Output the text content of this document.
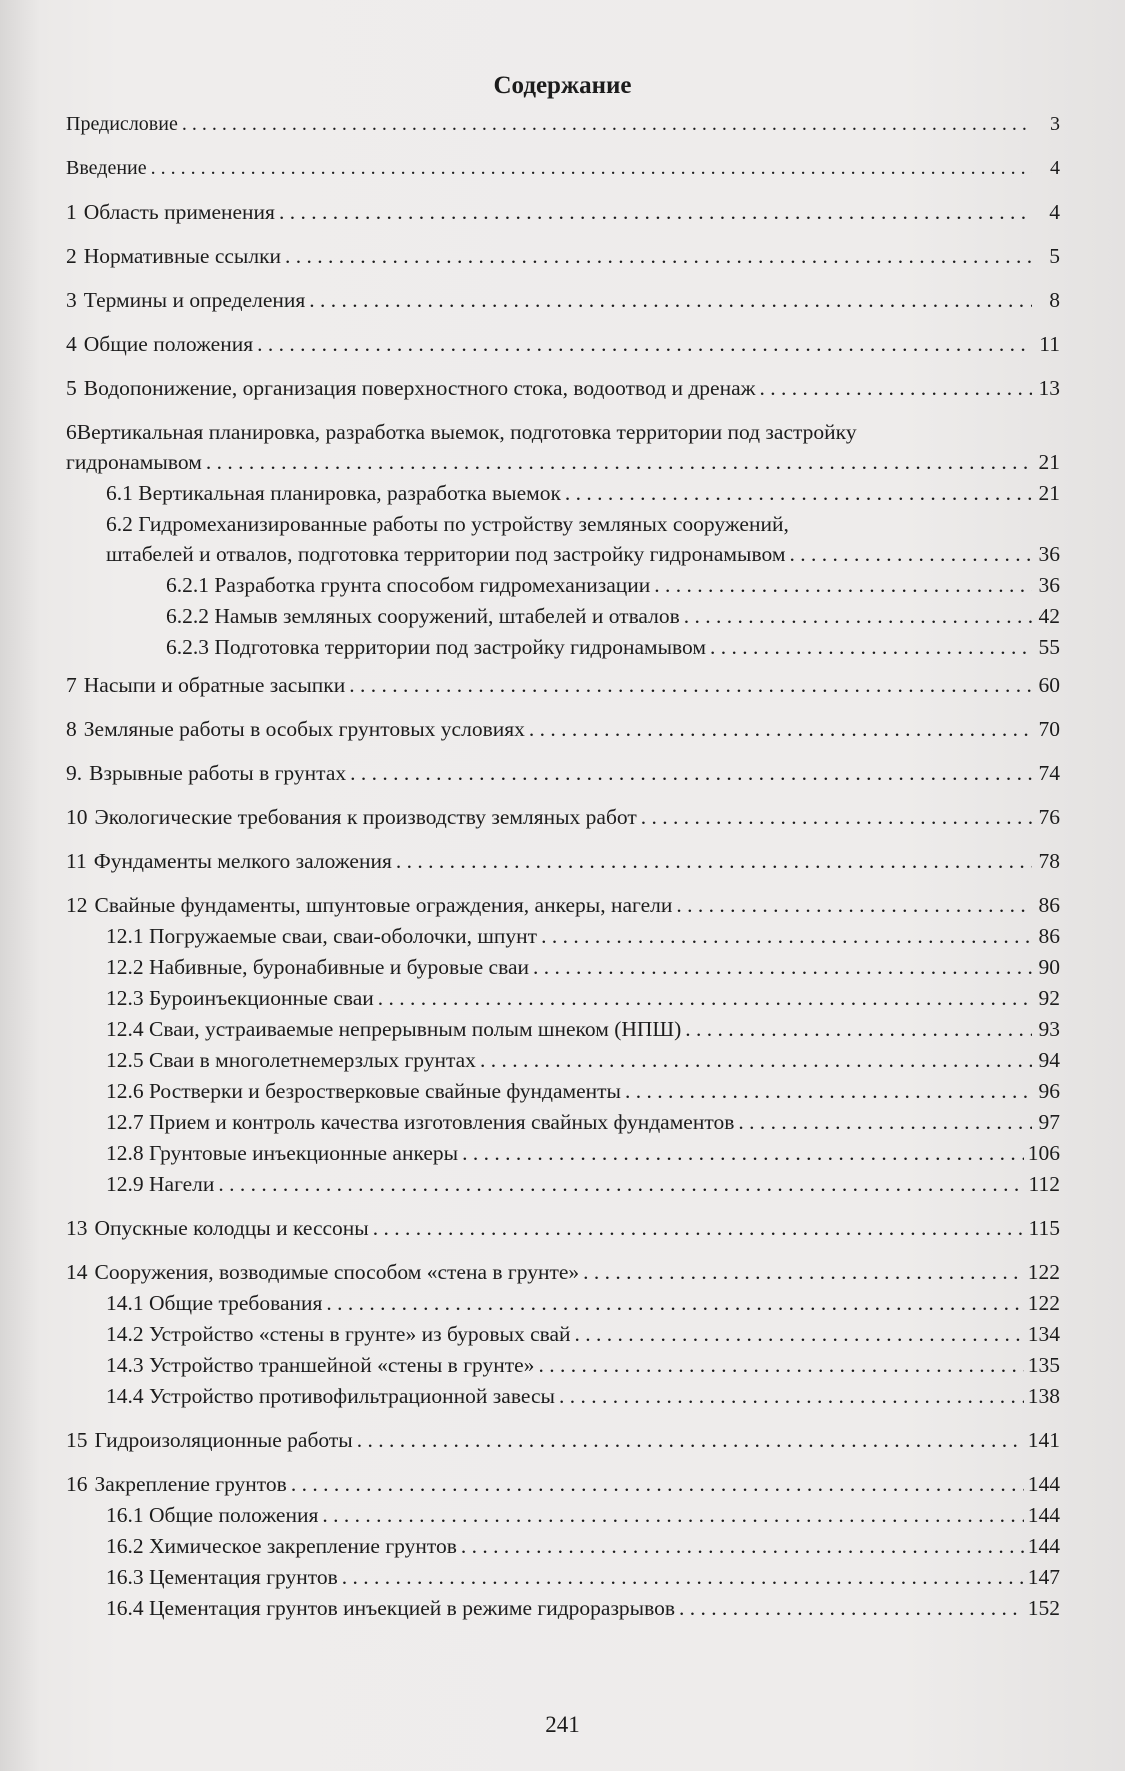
Содержание
Предисловие . . .	3
Введение . . .	4
1 Область применения . . .	4
2 Нормативные ссылки . . .	5
3 Термины и определения . . .	8
4 Общие положения . . .	11
5 Водопонижение, организация поверхностного стока, водоотвод и дренаж . . .	13
6Вертикальная планировка, разработка выемок, подготовка территории под застройку
гидронамывом . . .	21
6.1 Вертикальная планировка, разработка выемок . . .	21
6.2 Гидромеханизированные работы по устройству земляных сооружений,
штабелей и отвалов, подготовка территории под застройку гидронамывом . . .	36
6.2.1 Разработка грунта способом гидромеханизации . . .	36
6.2.2 Намыв земляных сооружений, штабелей и отвалов . . .	42
6.2.3 Подготовка территории под застройку гидронамывом . . .	55
7 Насыпи и обратные засыпки . . .	60
8 Земляные работы в особых грунтовых условиях . . .	70
9. Взрывные работы в грунтах . . .	74
10 Экологические требования к производству земляных работ . . .	76
11 Фундаменты мелкого заложения . . .	78
12 Свайные фундаменты, шпунтовые ограждения, анкеры, нагели . . .	86
12.1 Погружаемые сваи, сваи-оболочки, шпунт . . .	86
12.2 Набивные, буронабивные и буровые сваи . . .	90
12.3 Буроинъекционные сваи . . .	92
12.4 Сваи, устраиваемые непрерывным полым шнеком (НПШ) . . .	93
12.5 Сваи в многолетнемерзлых грунтах . . .	94
12.6 Ростверки и безростверковые свайные фундаменты . . .	96
12.7 Прием и контроль качества изготовления свайных фундаментов . . .	97
12.8 Грунтовые инъекционные анкеры . . .	106
12.9 Нагели . . .	112
13 Опускные колодцы и кессоны . . .	115
14 Сооружения, возводимые способом «стена в грунте» . . .	122
14.1 Общие требования . . .	122
14.2 Устройство «стены в грунте» из буровых свай . . .	134
14.3 Устройство траншейной «стены в грунте» . . .	135
14.4 Устройство противофильтрационной завесы . . .	138
15 Гидроизоляционные работы . . .	141
16 Закрепление грунтов . . .	144
16.1 Общие положения . . .	144
16.2 Химическое закрепление грунтов . . .	144
16.3 Цементация грунтов . . .	147
16.4 Цементация грунтов инъекцией в режиме гидроразрывов . . .	152
241
